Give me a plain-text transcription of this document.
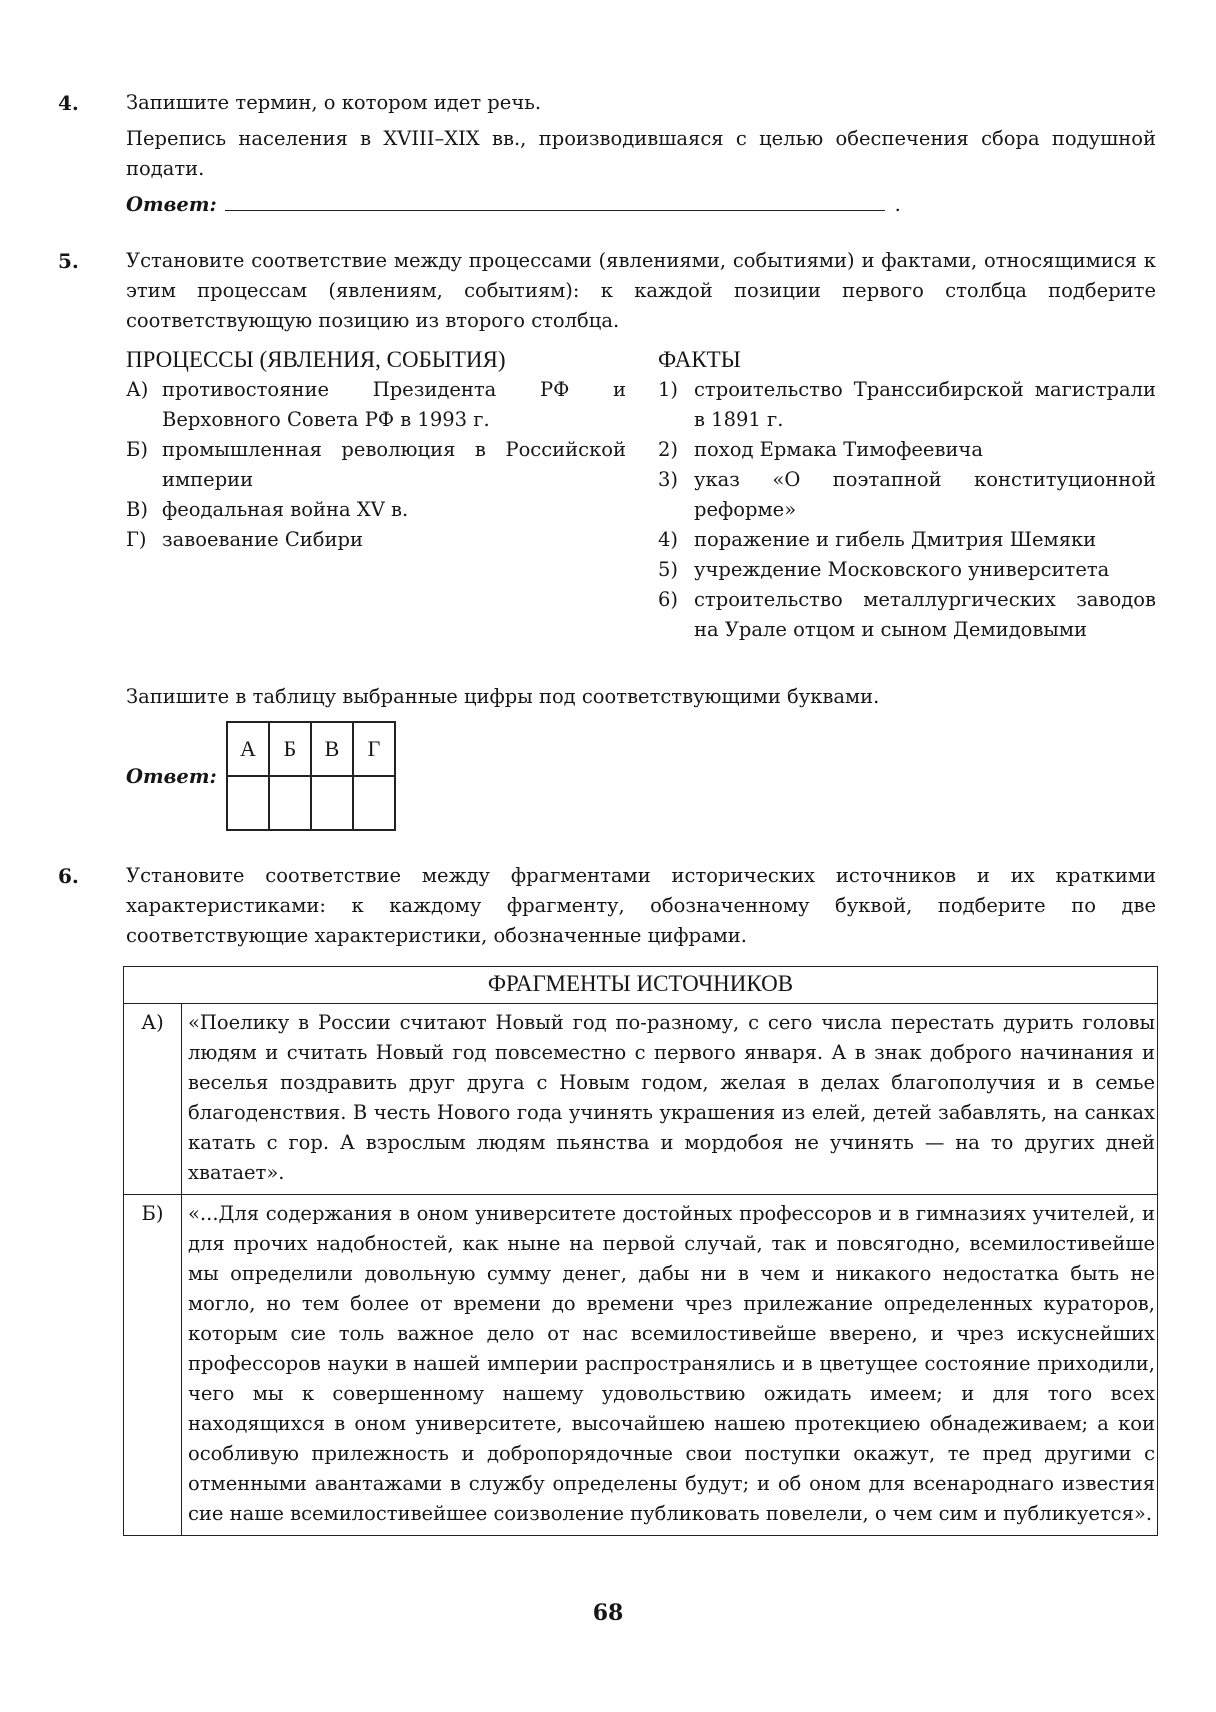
4. Запишите термин, о котором идет речь.

Перепись населения в XVIII–XIX вв., производившаяся с целью обеспечения сбора подушной подати.

Ответ:	.

5. Установите соответствие между процессами (явлениями, событиями) и фактами, относящимися к этим процессам (явлениям, событиям): к каждой позиции первого столбца подберите соответствующую позицию из второго столбца.

ПРОЦЕССЫ (ЯВЛЕНИЯ, СОБЫТИЯ)
А) противостояние Президента РФ и Верховного Совета РФ в 1993 г.
Б) промышленная революция в Российской империи
В) феодальная война XV в.
Г) завоевание Сибири
ФАКТЫ
1) строительство Транссибирской магистрали в 1891 г.
2) поход Ермака Тимофеевича
3) указ «О поэтапной конституционной реформе»
4) поражение и гибель Дмитрия Шемяки
5) учреждение Московского университета
6) строительство металлургических заводов на Урале отцом и сыном Демидовыми

Запишите в таблицу выбранные цифры под соответствующими буквами.

Ответ:
А	Б	В	Г

6. Установите соответствие между фрагментами исторических источников и их краткими характеристиками: к каждому фрагменту, обозначенному буквой, подберите по две соответствующие характеристики, обозначенные цифрами.

ФРАГМЕНТЫ ИСТОЧНИКОВ	
А)	«Поелику в России считают Новый год по-разному, с сего числа перестать дурить головы людям и считать Новый год повсеместно с первого января. А в знак доброго начинания и веселья поздравить друг друга с Новым годом, желая в делах благополучия и в семье благоденствия. В честь Нового года учинять украшения из елей, детей забавлять, на санках катать с гор. А взрослым людям пьянства и мордобоя не учинять — на то других дней хватает».
Б)	«...Для содержания в оном университете достойных профессоров и в гимназиях учителей, и для прочих надобностей, как ныне на первой случай, так и повсягодно, всемилостивейше мы определили довольную сумму денег, дабы ни в чем и никакого недостатка быть не могло, но тем более от времени до времени чрез прилежание определенных кураторов, которым сие толь важное дело от нас всемилостивейше вверено, и чрез искуснейших профессоров науки в нашей империи распространялись и в цветущее состояние приходили, чего мы к совершенному нашему удовольствию ожидать имеем; и для того всех находящихся в оном университете, высочайшею нашею протекциею обнадеживаем; а кои особливую прилежность и добропорядочные свои поступки окажут, те пред другими с отменными авантажами в службу определены будут; и об оном для всенароднаго известия сие наше всемилостивейшее соизволение публиковать повелели, о чем сим и публикуется».
68
